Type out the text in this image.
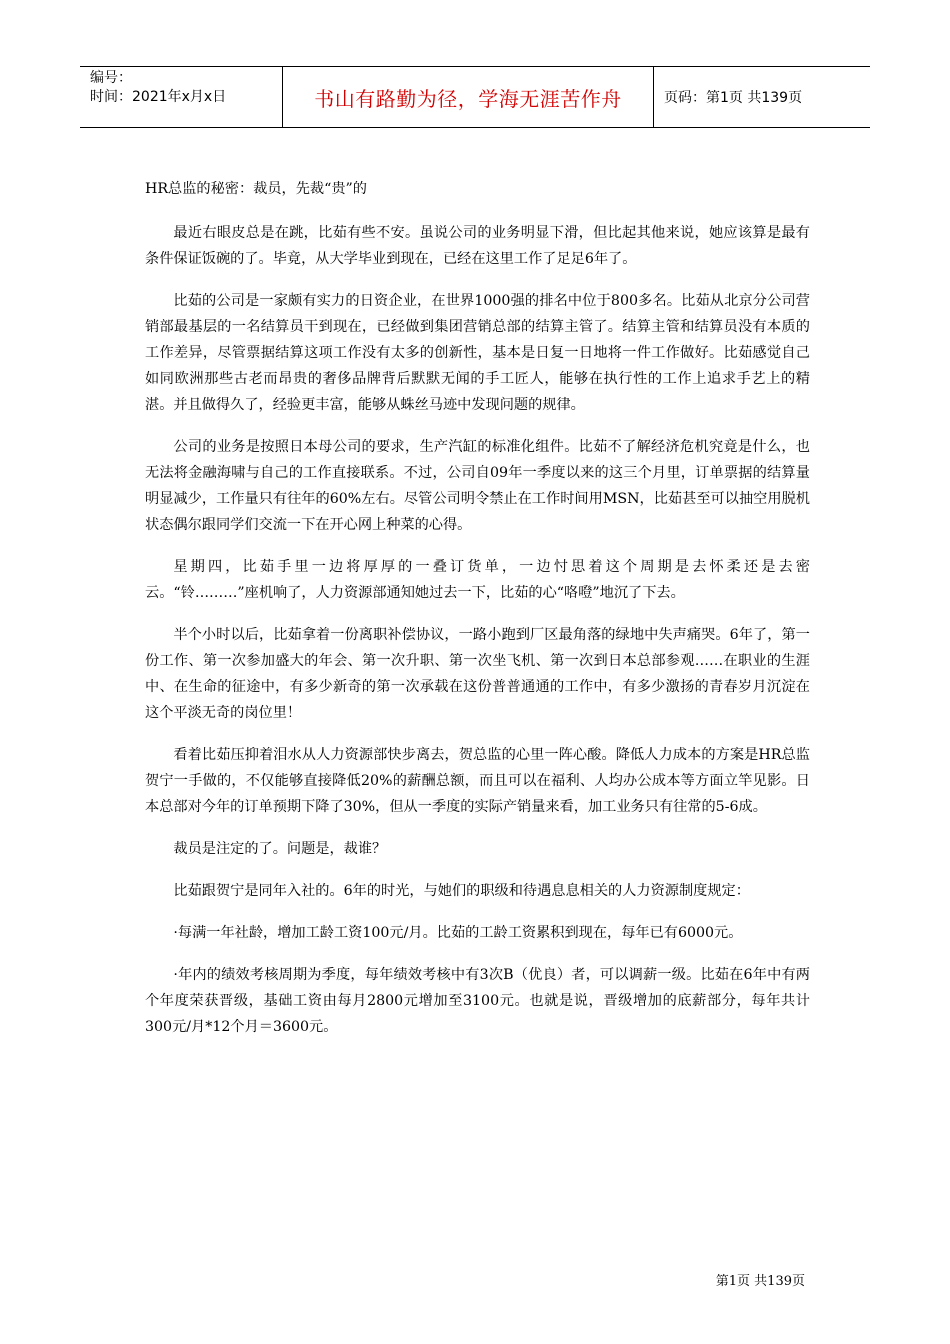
编号：
时间：2021年x月x日	书山有路勤为径，学海无涯苦作舟	页码：第1页 共139页

HR总监的秘密：裁员，先裁“贵”的

最近右眼皮总是在跳，比茹有些不安。虽说公司的业务明显下滑，但比起其他来说，她应该算是最有条件保证饭碗的了。毕竟，从大学毕业到现在，已经在这里工作了足足6年了。

比茹的公司是一家颇有实力的日资企业，在世界1000强的排名中位于800多名。比茹从北京分公司营销部最基层的一名结算员干到现在，已经做到集团营销总部的结算主管了。结算主管和结算员没有本质的工作差异，尽管票据结算这项工作没有太多的创新性，基本是日复一日地将一件工作做好。比茹感觉自己如同欧洲那些古老而昂贵的奢侈品牌背后默默无闻的手工匠人，能够在执行性的工作上追求手艺上的精湛。并且做得久了，经验更丰富，能够从蛛丝马迹中发现问题的规律。

公司的业务是按照日本母公司的要求，生产汽缸的标准化组件。比茹不了解经济危机究竟是什么，也无法将金融海啸与自己的工作直接联系。不过，公司自09年一季度以来的这三个月里，订单票据的结算量明显减少，工作量只有往年的60%左右。尽管公司明令禁止在工作时间用MSN，比茹甚至可以抽空用脱机状态偶尔跟同学们交流一下在开心网上种菜的心得。

星期四，比茹手里一边将厚厚的一叠订货单，一边忖思着这个周期是去怀柔还是去密云。“铃………”座机响了，人力资源部通知她过去一下，比茹的心“咯噔”地沉了下去。

半个小时以后，比茹拿着一份离职补偿协议，一路小跑到厂区最角落的绿地中失声痛哭。6年了，第一份工作、第一次参加盛大的年会、第一次升职、第一次坐飞机、第一次到日本总部参观……在职业的生涯中、在生命的征途中，有多少新奇的第一次承载在这份普普通通的工作中，有多少激扬的青春岁月沉淀在这个平淡无奇的岗位里！

看着比茹压抑着泪水从人力资源部快步离去，贺总监的心里一阵心酸。降低人力成本的方案是HR总监贺宁一手做的，不仅能够直接降低20%的薪酬总额，而且可以在福利、人均办公成本等方面立竿见影。日本总部对今年的订单预期下降了30%，但从一季度的实际产销量来看，加工业务只有往常的5-6成。

裁员是注定的了。问题是，裁谁？

比茹跟贺宁是同年入社的。6年的时光，与她们的职级和待遇息息相关的人力资源制度规定：

·每满一年社龄，增加工龄工资100元/月。比茹的工龄工资累积到现在，每年已有6000元。

·年内的绩效考核周期为季度，每年绩效考核中有3次B（优良）者，可以调薪一级。比茹在6年中有两个年度荣获晋级，基础工资由每月2800元增加至3100元。也就是说，晋级增加的底薪部分，每年共计300元/月*12个月＝3600元。

第1页 共139页
